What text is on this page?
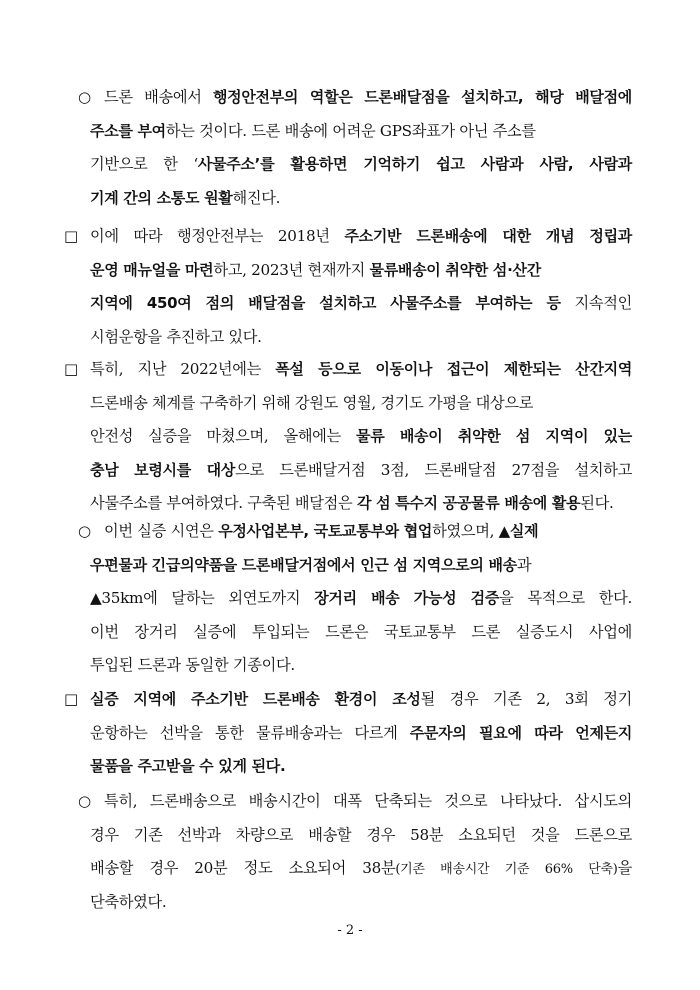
- 2 -
○ 드론 배송에서 행정안전부의 역할은 드론배달점을 설치하고, 해당 배달점에
주소를 부여하는 것이다. 드론 배송에 어려운 GPS좌표가 아닌 주소를
기반으로 한 ‘사물주소’를 활용하면 기억하기 쉽고 사람과 사람, 사람과
기계 간의 소통도 원활해진다.
□ 이에 따라 행정안전부는 2018년 주소기반 드론배송에 대한 개념 정립과
운영 매뉴얼을 마련하고, 2023년 현재까지 물류배송이 취약한 섬·산간
지역에 450여 점의 배달점을 설치하고 사물주소를 부여하는 등 지속적인
시험운항을 추진하고 있다.
□ 특히, 지난 2022년에는 폭설 등으로 이동이나 접근이 제한되는 산간지역
드론배송 체계를 구축하기 위해 강원도 영월, 경기도 가평을 대상으로
안전성 실증을 마쳤으며, 올해에는 물류 배송이 취약한 섬 지역이 있는
충남 보령시를 대상으로 드론배달거점 3점, 드론배달점 27점을 설치하고
사물주소를 부여하였다. 구축된 배달점은 각 섬 특수지 공공물류 배송에 활용된다.
○ 이번 실증 시연은 우정사업본부, 국토교통부와 협업하였으며, ▲실제
우편물과 긴급의약품을 드론배달거점에서 인근 섬 지역으로의 배송과
▲35km에 달하는 외연도까지 장거리 배송 가능성 검증을 목적으로 한다.
이번 장거리 실증에 투입되는 드론은 국토교통부 드론 실증도시 사업에
투입된 드론과 동일한 기종이다.
□ 실증 지역에 주소기반 드론배송 환경이 조성될 경우 기존 2, 3회 정기
운항하는 선박을 통한 물류배송과는 다르게 주문자의 필요에 따라 언제든지
물품을 주고받을 수 있게 된다.
○ 특히, 드론배송으로 배송시간이 대폭 단축되는 것으로 나타났다. 삽시도의
경우 기존 선박과 차량으로 배송할 경우 58분 소요되던 것을 드론으로
배송할 경우 20분 정도 소요되어 38분(기존 배송시간 기준 66% 단축)을
단축하였다.
